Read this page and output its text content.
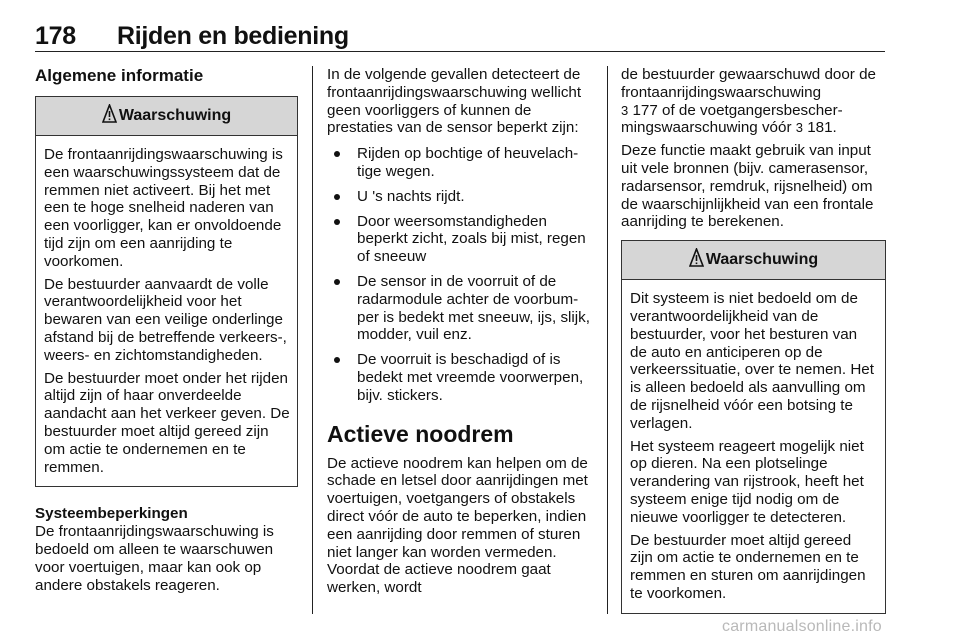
178 Rijden en bediening
Algemene informatie
Waarschuwing

De frontaanrijdingswaarschuwing is een waarschuwingssysteem dat de remmen niet activeert. Bij het met een te hoge snelheid naderen van een voorligger, kan er onvoldoende tijd zijn om een aanrijding te voorkomen.

De bestuurder aanvaardt de volle verantwoordelijkheid voor het bewaren van een veilige onderlinge afstand bij de betreffende verkeers-, weers- en zichtomstandigheden.

De bestuurder moet onder het rijden altijd zijn of haar onverdeelde aandacht aan het verkeer geven. De bestuurder moet altijd gereed zijn om actie te ondernemen en te remmen.

Systeembeperkingen

De frontaanrijdingswaarschuwing is bedoeld om alleen te waarschuwen voor voertuigen, maar kan ook op andere obstakels reageren.

In de volgende gevallen detecteert de frontaanrijdingswaarschuwing wellicht geen voorliggers of kunnen de prestaties van de sensor beperkt zijn:

Rijden op bochtige of heuvelachtige wegen.
U 's nachts rijdt.
Door weersomstandigheden beperkt zicht, zoals bij mist, regen of sneeuw
De sensor in de voorruit of de radarmodule achter de voorbumper is bedekt met sneeuw, ijs, slijk, modder, vuil enz.
De voorruit is beschadigd of is bedekt met vreemde voorwerpen, bijv. stickers.
Actieve noodrem

De actieve noodrem kan helpen om de schade en letsel door aanrijdingen met voertuigen, voetgangers of obstakels direct vóór de auto te beperken, indien een aanrijding door remmen of sturen niet langer kan worden vermeden. Voordat de actieve noodrem gaat werken, wordt

de bestuurder gewaarschuwd door de frontaanrijdingswaarschuwing
3 177 of de voetgangersbeschermingswaarschuwing vóór 3 181.

Deze functie maakt gebruik van input uit vele bronnen (bijv. camerasensor, radarsensor, remdruk, rijsnelheid) om de waarschijnlijkheid van een frontale aanrijding te berekenen.

Waarschuwing

Dit systeem is niet bedoeld om de verantwoordelijkheid van de bestuurder, voor het besturen van de auto en anticiperen op de verkeerssituatie, over te nemen. Het is alleen bedoeld als aanvulling om de rijsnelheid vóór een botsing te verlagen.

Het systeem reageert mogelijk niet op dieren. Na een plotselinge verandering van rijstrook, heeft het systeem enige tijd nodig om de nieuwe voorligger te detecteren.

De bestuurder moet altijd gereed zijn om actie te ondernemen en te remmen en sturen om aanrijdingen te voorkomen.

carmanualsonline.info
